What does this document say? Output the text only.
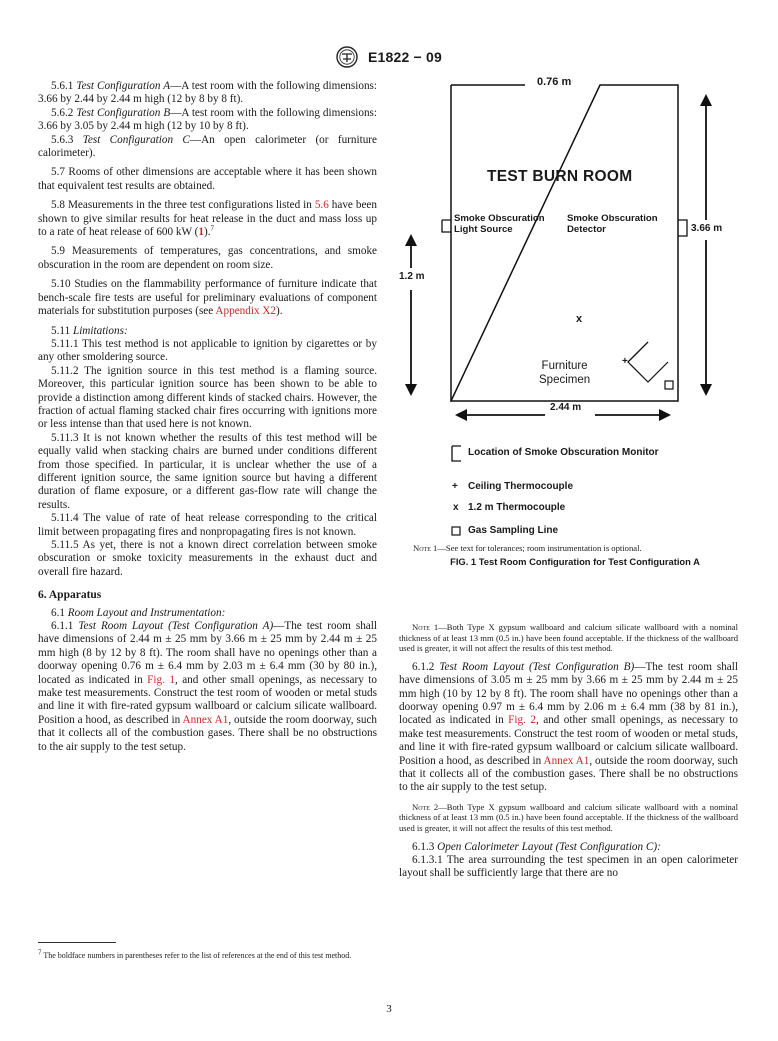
E1822 − 09

5.6.1 Test Configuration A—A test room with the following dimensions: 3.66 by 2.44 by 2.44 m high (12 by 8 by 8 ft).

5.6.2 Test Configuration B—A test room with the following dimensions: 3.66 by 3.05 by 2.44 m high (12 by 10 by 8 ft).

5.6.3 Test Configuration C—An open calorimeter (or furniture calorimeter).

5.7 Rooms of other dimensions are acceptable where it has been shown that equivalent test results are obtained.

5.8 Measurements in the three test configurations listed in 5.6 have been shown to give similar results for heat release in the duct and mass loss up to a rate of heat release of 600 kW (1).$^7$

5.9 Measurements of temperatures, gas concentrations, and smoke obscuration in the room are dependent on room size.

5.10 Studies on the flammability performance of furniture indicate that bench-scale fire tests are useful for preliminary evaluations of component materials for substitution purposes (see Appendix X2).

5.11 Limitations:

5.11.1 This test method is not applicable to ignition by cigarettes or by any other smoldering source.

5.11.2 The ignition source in this test method is a flaming source. Moreover, this particular ignition source has been shown to be able to provide a distinction among different kinds of stacked chairs. However, the fraction of actual flaming stacked chair fires occurring with ignitions more or less intense than that used here is not known.

5.11.3 It is not known whether the results of this test method will be equally valid when stacking chairs are burned under conditions different from those specified. In particular, it is unclear whether the use of a different ignition source, the same ignition source but having a different duration of flame exposure, or a different gas-flow rate will change the results.

5.11.4 The value of rate of heat release corresponding to the critical limit between propagating fires and nonpropagating fires is not known.

5.11.5 As yet, there is not a known direct correlation between smoke obscuration or smoke toxicity measurements in the exhaust duct and overall fire hazard.

6. Apparatus

6.1 Room Layout and Instrumentation:

6.1.1 Test Room Layout (Test Configuration A)—The test room shall have dimensions of 2.44 m ± 25 mm by 3.66 m ± 25 mm by 2.44 m ± 25 mm high (8 by 12 by 8 ft). The room shall have no openings other than a doorway opening 0.76 m ± 6.4 mm by 2.03 m ± 6.4 mm (30 by 80 in.), located as indicated in Fig. 1, and other small openings, as necessary to make test measurements. Construct the test room of wooden or metal studs and line it with fire-rated gypsum wallboard or calcium silicate wallboard. Position a hood, as described in Annex A1, outside the room doorway, such that it collects all of the combustion gases. There shall be no obstructions to the air supply to the test setup.

7 The boldface numbers in parentheses refer to the list of references at the end of this test method.
0.76 m
TEST BURN ROOM
Smoke Obscuration
Light Source
Smoke Obscuration
Detector	3.66 m
1.2 m
x
+
Furniture
Specimen
2.44 m
Location of Smoke Obscuration Monitor
+ Ceiling Thermocouple
x 1.2 m Thermocouple
Gas Sampling Line
Note 1—See text for tolerances; room instrumentation is optional.
FIG. 1 Test Room Configuration for Test Configuration A

Note 1—Both Type X gypsum wallboard and calcium silicate wallboard with a nominal thickness of at least 13 mm (0.5 in.) have been found acceptable. If the thickness of the wallboard used is greater, it will not affect the results of this test method.

6.1.2 Test Room Layout (Test Configuration B)—The test room shall have dimensions of 3.05 m ± 25 mm by 3.66 m ± 25 mm by 2.44 m ± 25 mm high (10 by 12 by 8 ft). The room shall have no openings other than a doorway opening 0.97 m ± 6.4 mm by 2.06 m ± 6.4 mm (38 by 81 in.), located as indicated in Fig. 2, and other small openings, as necessary to make test measurements. Construct the test room of wooden or metal studs, and line it with fire-rated gypsum wallboard or calcium silicate wallboard. Position a hood, as described in Annex A1, outside the room doorway, such that it collects all of the combustion gases. There shall be no obstructions to the air supply to the test setup.

Note 2—Both Type X gypsum wallboard and calcium silicate wallboard with a nominal thickness of at least 13 mm (0.5 in.) have been found acceptable. If the thickness of the wallboard used is greater, it will not affect the results of this test method.

6.1.3 Open Calorimeter Layout (Test Configuration C):

6.1.3.1 The area surrounding the test specimen in an open calorimeter layout shall be sufficiently large that there are no

3
